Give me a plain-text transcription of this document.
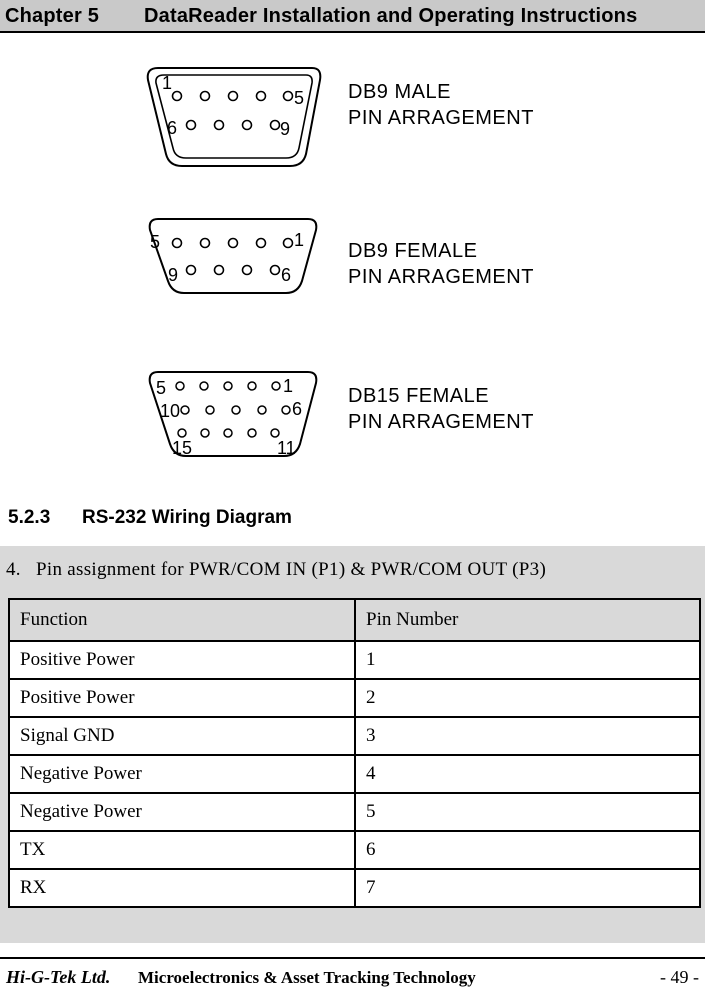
Chapter 5 DataReader Installation and Operating Instructions
1
5
6	9
DB9 MALE
PIN ARRAGEMENT
5	1
9	6
DB9 FEMALE
PIN ARRAGEMENT
5	1
10	6
15	11
DB15 FEMALE
PIN ARRAGEMENT
5.2.3 RS-232 Wiring Diagram
4.   Pin assignment for PWR/COM IN (P1) & PWR/COM OUT (P3)
Function	Pin Number
Positive Power	1
Positive Power	2
Signal GND	3
Negative Power	4
Negative Power	5
TX	6
RX	7
Hi-G-Tek Ltd. Microelectronics & Asset Tracking Technology	- 49 -
